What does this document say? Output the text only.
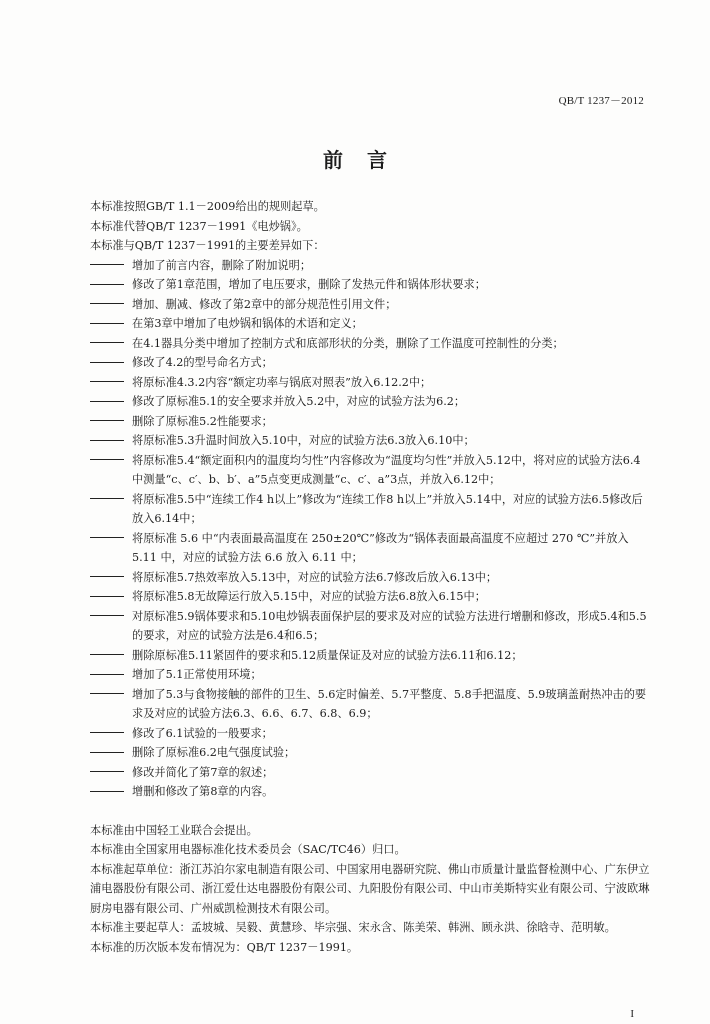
QB/T 1237－2012
前言

本标准按照GB/T 1.1－2009给出的规则起草。

本标准代替QB/T 1237－1991《电炒锅》。

本标准与QB/T 1237－1991的主要差异如下：

增加了前言内容，删除了附加说明；
修改了第1章范围，增加了电压要求，删除了发热元件和锅体形状要求；
增加、删减、修改了第2章中的部分规范性引用文件；
在第3章中增加了电炒锅和锅体的术语和定义；
在4.1器具分类中增加了控制方式和底部形状的分类，删除了工作温度可控制性的分类；
修改了4.2的型号命名方式；
将原标准4.3.2内容“额定功率与锅底对照表”放入6.12.2中；
修改了原标准5.1的安全要求并放入5.2中，对应的试验方法为6.2；
删除了原标准5.2性能要求；
将原标准5.3升温时间放入5.10中，对应的试验方法6.3放入6.10中；
将原标准5.4“额定面积内的温度均匀性”内容修改为“温度均匀性”并放入5.12中，将对应的试验方法6.4中测量“c、c′、b、b′、a”5点变更成测量“c、c′、a”3点，并放入6.12中；
将原标准5.5中“连续工作4 h以上”修改为“连续工作8 h以上”并放入5.14中，对应的试验方法6.5修改后放入6.14中；
将原标准 5.6 中“内表面最高温度在 250±20℃”修改为“锅体表面最高温度不应超过 270 ℃”并放入 5.11 中，对应的试验方法 6.6 放入 6.11 中；
将原标准5.7热效率放入5.13中，对应的试验方法6.7修改后放入6.13中；
将原标准5.8无故障运行放入5.15中，对应的试验方法6.8放入6.15中；
对原标准5.9锅体要求和5.10电炒锅表面保护层的要求及对应的试验方法进行增删和修改，形成5.4和5.5的要求，对应的试验方法是6.4和6.5；
删除原标准5.11紧固件的要求和5.12质量保证及对应的试验方法6.11和6.12；
增加了5.1正常使用环境；
增加了5.3与食物接触的部件的卫生、5.6定时偏差、5.7平整度、5.8手把温度、5.9玻璃盖耐热冲击的要求及对应的试验方法6.3、6.6、6.7、6.8、6.9；
修改了6.1试验的一般要求；
删除了原标准6.2电气强度试验；
修改并简化了第7章的叙述；
增删和修改了第8章的内容。

本标准由中国轻工业联合会提出。

本标准由全国家用电器标准化技术委员会（SAC/TC46）归口。

本标准起草单位：浙江苏泊尔家电制造有限公司、中国家用电器研究院、佛山市质量计量监督检测中心、广东伊立浦电器股份有限公司、浙江爱仕达电器股份有限公司、九阳股份有限公司、中山市美斯特实业有限公司、宁波欧琳厨房电器有限公司、广州威凯检测技术有限公司。

本标准主要起草人：孟坡城、吴毅、黄慧珍、毕宗强、宋永含、陈美荣、韩洲、顾永洪、徐晗寺、范明敏。

本标准的历次版本发布情况为：QB/T 1237－1991。

I
